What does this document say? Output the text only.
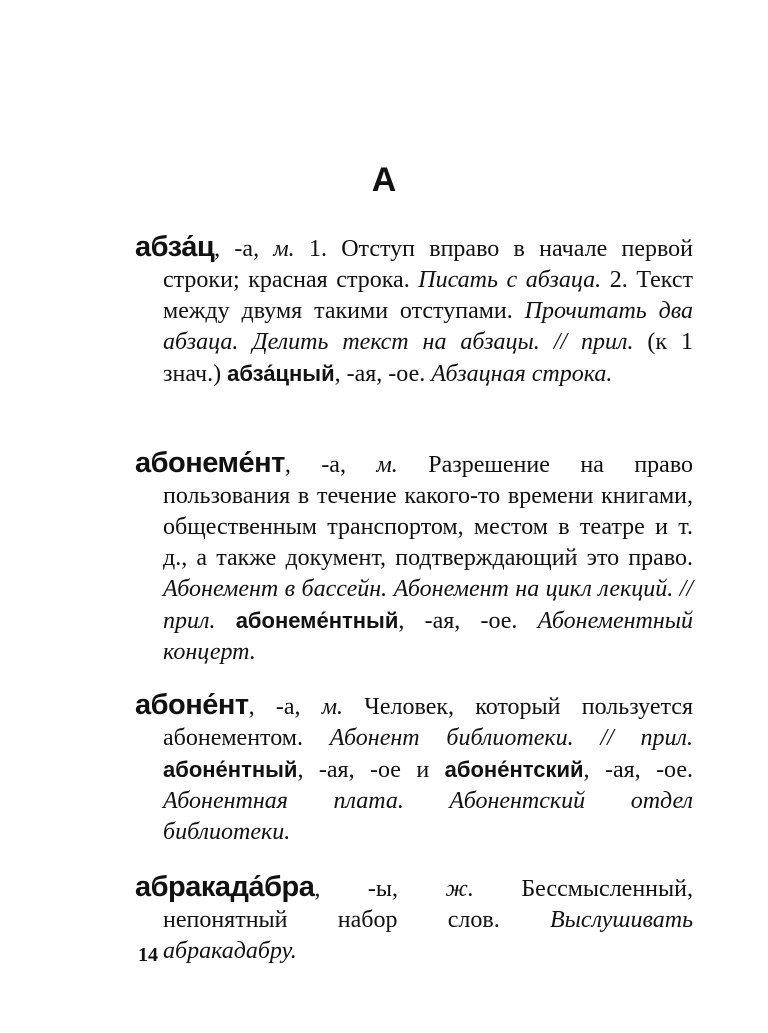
А

абза́ц, -а, м. 1. Отступ вправо в начале первой строки; красная строка. Писать с абзаца. 2. Текст между двумя такими отступами. Прочитать два абзаца. Делить текст на абзацы. // прил. (к 1 знач.) абза́цный, -ая, -ое. Абзацная строка.

абонеме́нт, -а, м. Разрешение на право пользования в течение какого-то времени книгами, общественным транспортом, местом в театре и т. д., а также документ, подтверждающий это право. Абонемент в бассейн. Абонемент на цикл лекций. // прил. абонеме́нтный, -ая, -ое. Абонементный концерт.

абоне́нт, -а, м. Человек, который пользуется абонементом. Абонент библиотеки. // прил. абоне́нтный, -ая, -ое и абоне́нтский, -ая, -ое. Абонентная плата. Абонентский отдел библиотеки.

абракада́бра, -ы, ж. Бессмысленный, непонятный набор слов. Выслушивать абракадабру.

14
